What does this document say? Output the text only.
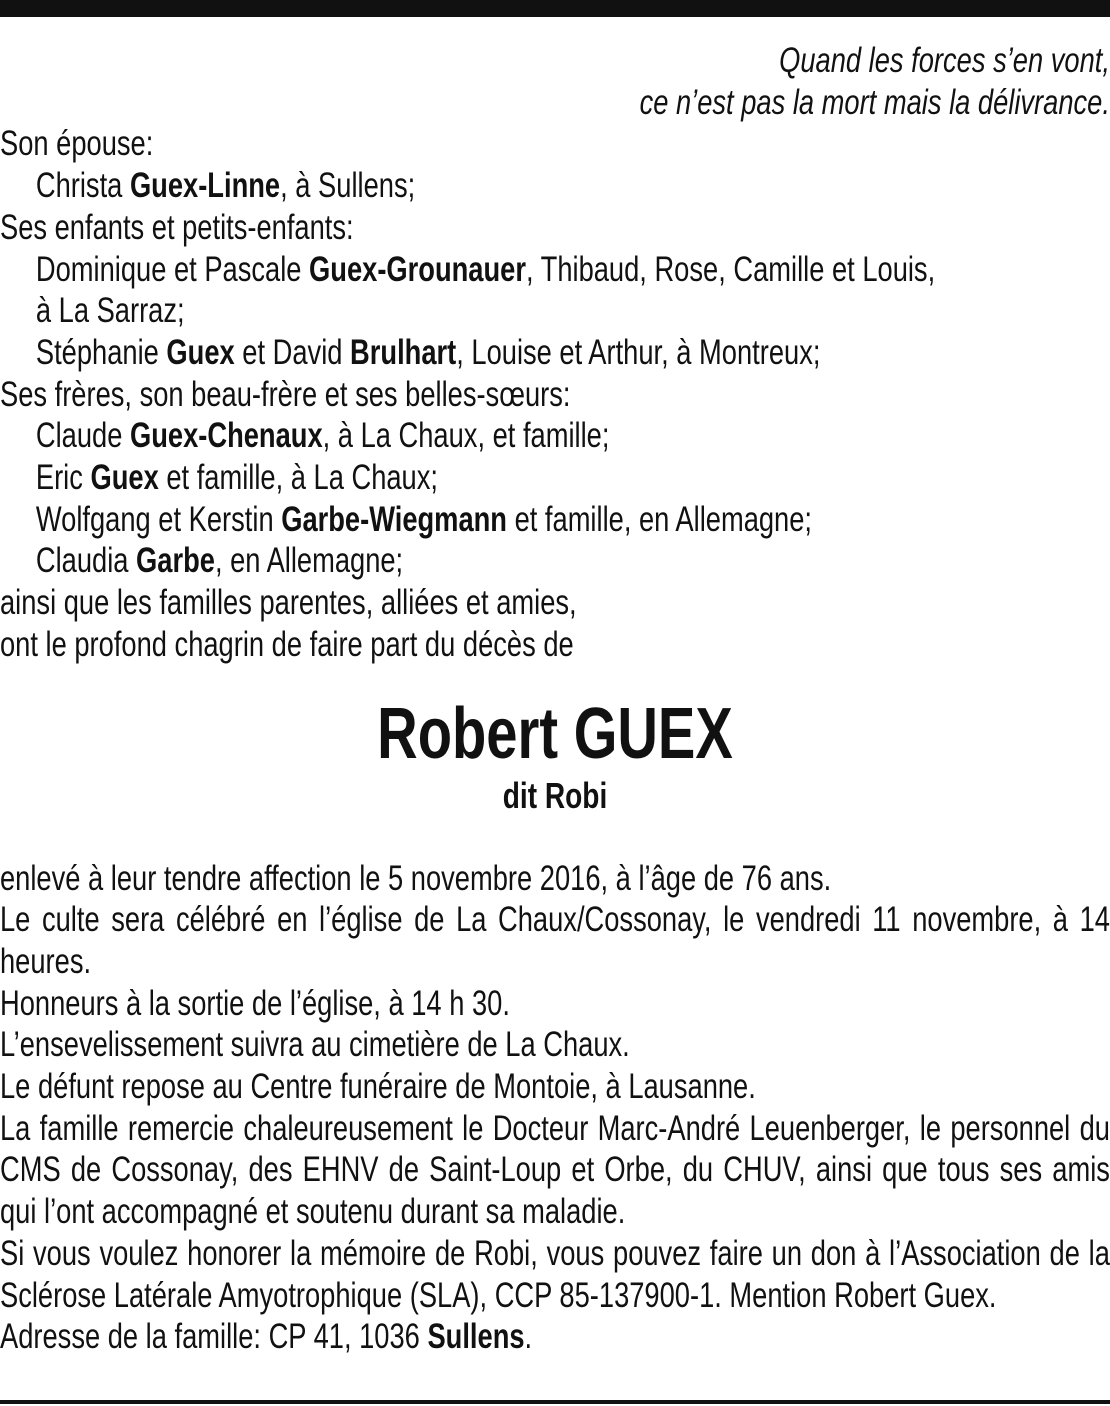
Quand les forces s’en vont,
ce n’est pas la mort mais la délivrance.
Son épouse:
Christa Guex-Linne, à Sullens;
Ses enfants et petits-enfants:
Dominique et Pascale Guex-Grounauer, Thibaud, Rose, Camille et Louis,
à La Sarraz;
Stéphanie Guex et David Brulhart, Louise et Arthur, à Montreux;
Ses frères, son beau-frère et ses belles-sœurs:
Claude Guex-Chenaux, à La Chaux, et famille;
Eric Guex et famille, à La Chaux;
Wolfgang et Kerstin Garbe-Wiegmann et famille, en Allemagne;
Claudia Garbe, en Allemagne;
ainsi que les familles parentes, alliées et amies,
ont le profond chagrin de faire part du décès de
Robert GUEX
dit Robi
enlevé à leur tendre affection le 5 novembre 2016, à l’âge de 76 ans.
Le culte sera célébré en l’église de La Chaux/Cossonay, le vendredi 11 novembre, à 14 heures.
Honneurs à la sortie de l’église, à 14 h 30.
L’ensevelissement suivra au cimetière de La Chaux.
Le défunt repose au Centre funéraire de Montoie, à Lausanne.
La famille remercie chaleureusement le Docteur Marc-André Leuenberger, le personnel du CMS de Cossonay, des EHNV de Saint-Loup et Orbe, du CHUV, ainsi que tous ses amis qui l’ont accompagné et soutenu durant sa maladie.
Si vous voulez honorer la mémoire de Robi, vous pouvez faire un don à l’Association de la Sclérose Latérale Amyotrophique (SLA), CCP 85-137900-1. Mention Robert Guex.
Adresse de la famille: CP 41, 1036 Sullens.
